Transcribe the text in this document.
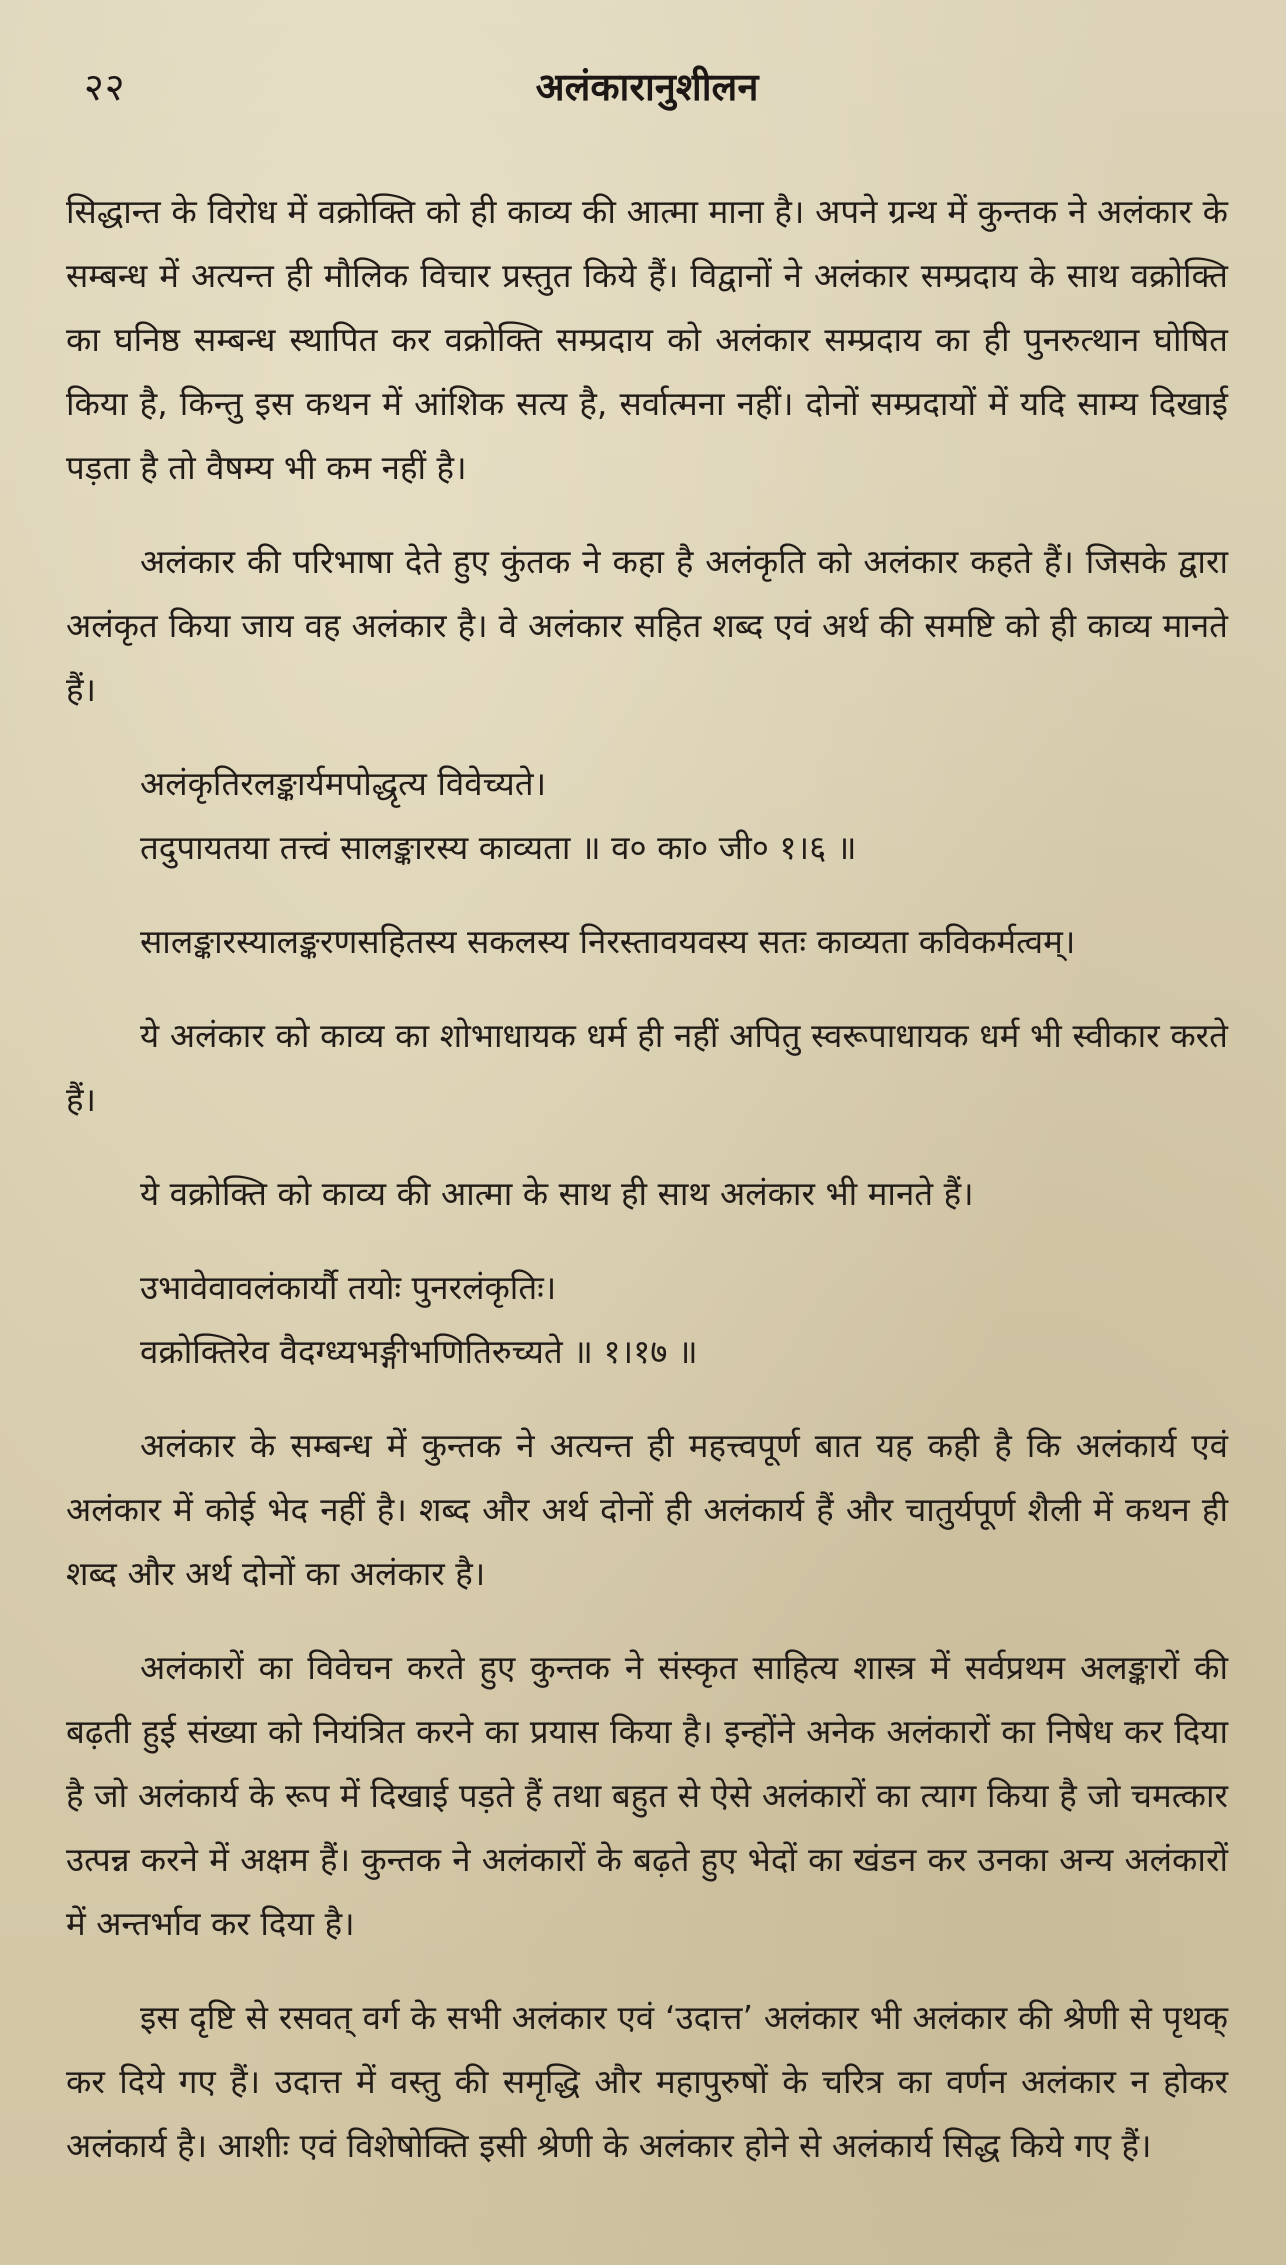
२२	अलंकारानुशीलन

सिद्धान्त के विरोध में वक्रोक्ति को ही काव्य की आत्मा माना है। अपने ग्रन्थ में कुन्तक ने अलंकार के सम्बन्ध में अत्यन्त ही मौलिक विचार प्रस्तुत किये हैं। विद्वानों ने अलंकार सम्प्रदाय के साथ वक्रोक्ति का घनिष्ठ सम्बन्ध स्थापित कर वक्रोक्ति सम्प्रदाय को अलंकार सम्प्रदाय का ही पुनरुत्थान घोषित किया है, किन्तु इस कथन में आंशिक सत्य है, सर्वात्मना नहीं। दोनों सम्प्रदायों में यदि साम्य दिखाई पड़ता है तो वैषम्य भी कम नहीं है।

अलंकार की परिभाषा देते हुए कुंतक ने कहा है अलंकृति को अलंकार कहते हैं। जिसके द्वारा अलंकृत किया जाय वह अलंकार है। वे अलंकार सहित शब्द एवं अर्थ की समष्टि को ही काव्य मानते हैं।

अलंकृतिरलङ्कार्यमपोद्धृत्य विवेच्यते।
तदुपायतया तत्त्वं सालङ्कारस्य काव्यता ॥ व० का० जी० १।६ ॥

सालङ्कारस्यालङ्करणसहितस्य सकलस्य निरस्तावयवस्य सतः काव्यता कविकर्मत्वम्।

ये अलंकार को काव्य का शोभाधायक धर्म ही नहीं अपितु स्वरूपाधायक धर्म भी स्वीकार करते हैं।

ये वक्रोक्ति को काव्य की आत्मा के साथ ही साथ अलंकार भी मानते हैं।

उभावेवावलंकार्यौ तयोः पुनरलंकृतिः।
वक्रोक्तिरेव वैदग्ध्यभङ्गीभणितिरुच्यते ॥ १।१७ ॥

अलंकार के सम्बन्ध में कुन्तक ने अत्यन्त ही महत्त्वपूर्ण बात यह कही है कि अलंकार्य एवं अलंकार में कोई भेद नहीं है। शब्द और अर्थ दोनों ही अलंकार्य हैं और चातुर्यपूर्ण शैली में कथन ही शब्द और अर्थ दोनों का अलंकार है।

अलंकारों का विवेचन करते हुए कुन्तक ने संस्कृत साहित्य शास्त्र में सर्वप्रथम अलङ्कारों की बढ़ती हुई संख्या को नियंत्रित करने का प्रयास किया है। इन्होंने अनेक अलंकारों का निषेध कर दिया है जो अलंकार्य के रूप में दिखाई पड़ते हैं तथा बहुत से ऐसे अलंकारों का त्याग किया है जो चमत्कार उत्पन्न करने में अक्षम हैं। कुन्तक ने अलंकारों के बढ़ते हुए भेदों का खंडन कर उनका अन्य अलंकारों में अन्तर्भाव कर दिया है।

इस दृष्टि से रसवत् वर्ग के सभी अलंकार एवं ‘उदात्त’ अलंकार भी अलंकार की श्रेणी से पृथक् कर दिये गए हैं। उदात्त में वस्तु की समृद्धि और महापुरुषों के चरित्र का वर्णन अलंकार न होकर अलंकार्य है। आशीः एवं विशेषोक्ति इसी श्रेणी के अलंकार होने से अलंकार्य सिद्ध किये गए हैं।
